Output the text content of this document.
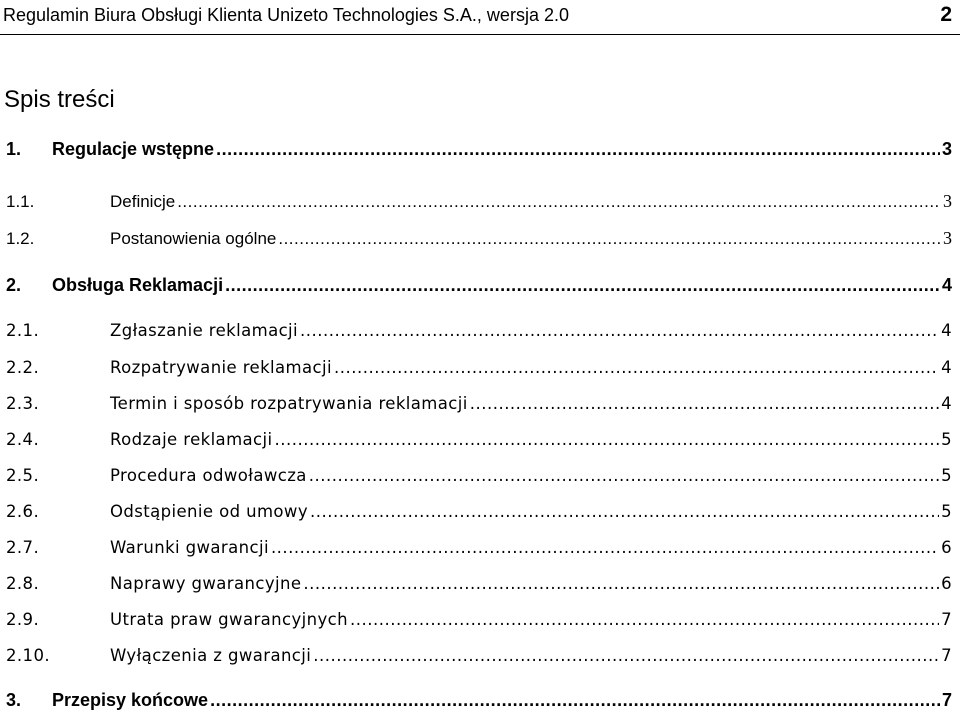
Regulamin Biura Obsługi Klienta Unizeto Technologies S.A., wersja 2.0	2
Spis treści
1.	Regulacje wstępne .....	3
1.1.	Definicje .....	3
1.2.	Postanowienia ogólne .....	3
2.	Obsługa Reklamacji .....	4
2.1.	Zgłaszanie reklamacji .....	4
2.2.	Rozpatrywanie reklamacji .....	4
2.3.	Termin i sposób rozpatrywania reklamacji .....	4
2.4.	Rodzaje reklamacji .....	5
2.5.	Procedura odwoławcza .....	5
2.6.	Odstąpienie od umowy .....	5
2.7.	Warunki gwarancji .....	6
2.8.	Naprawy gwarancyjne .....	6
2.9.	Utrata praw gwarancyjnych .....	7
2.10.	Wyłączenia z gwarancji .....	7
3.	Przepisy końcowe .....	7
